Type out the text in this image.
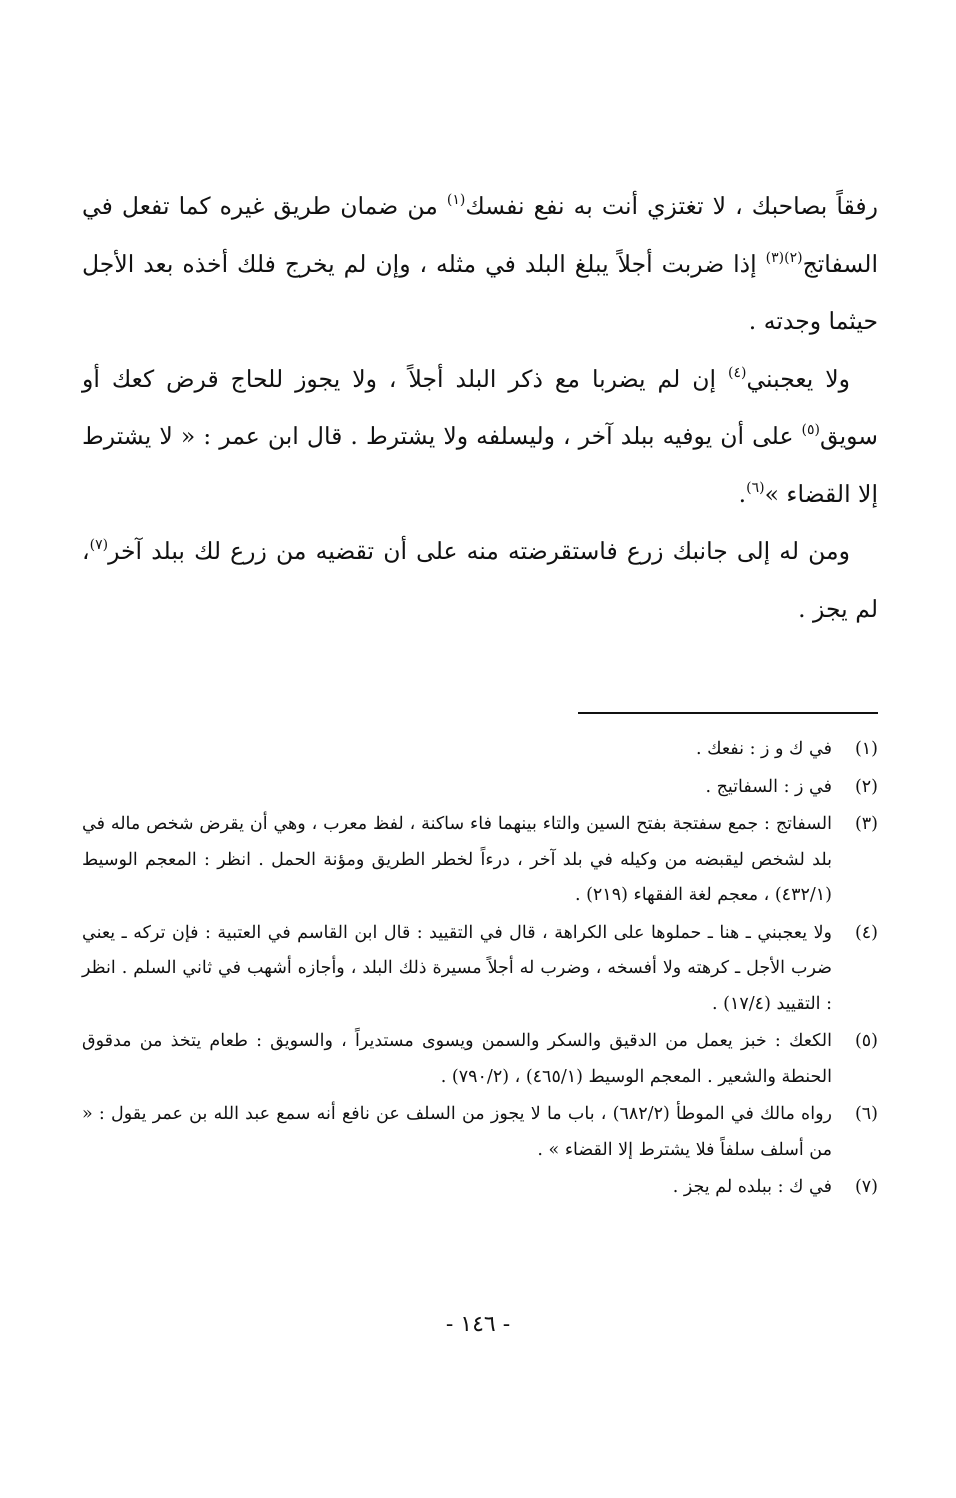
رفقاً بصاحبك ، لا تغتزي أنت به نفع نفسك$^{(١)}$ من ضمان طريق غيره كما تفعل في السفاتج$^{(٢)(٣)}$ إذا ضربت أجلاً يبلغ البلد في مثله ، وإن لم يخرج فلك أخذه بعد الأجل حيثما وجدته .

ولا يعجبني$^{(٤)}$ إن لم يضربا مع ذكر البلد أجلاً ، ولا يجوز للحاج قرض كعك أو سويق$^{(٥)}$ على أن يوفيه ببلد آخر ، وليسلفه ولا يشترط . قال ابن عمر : « لا يشترط إلا القضاء »$^{(٦)}$.

ومن له إلى جانبك زرع فاستقرضته منه على أن تقضيه من زرع لك ببلد آخر$^{(٧)}$، لم يجز .

(١)
في ك و ز : نفعك .
(٢)
في ز : السفاتيج .
(٣)
السفاتج : جمع سفتجة بفتح السين والتاء بينهما فاء ساكنة ، لفظ معرب ، وهي أن يقرض شخص ماله في بلد لشخص ليقبضه من وكيله في بلد آخر ، درءاً لخطر الطريق ومؤنة الحمل . انظر : المعجم الوسيط (٤٣٢/١) ، معجم لغة الفقهاء (٢١٩) .
(٤)
ولا يعجبني ـ هنا ـ حملوها على الكراهة ، قال في التقييد : قال ابن القاسم في العتبية : فإن تركه ـ يعني ضرب الأجل ـ كرهته ولا أفسخه ، وضرب له أجلاً مسيرة ذلك البلد ، وأجازه أشهب في ثاني السلم . انظر : التقييد (١٧/٤) .
(٥)
الكعك : خبز يعمل من الدقيق والسكر والسمن ويسوى مستديراً ، والسويق : طعام يتخذ من مدقوق الحنطة والشعير . المعجم الوسيط (٤٦٥/١) ، (٧٩٠/٢) .
(٦)
رواه مالك في الموطأ (٦٨٢/٢) ، باب ما لا يجوز من السلف عن نافع أنه سمع عبد الله بن عمر يقول : « من أسلف سلفاً فلا يشترط إلا القضاء » .
(٧)
في ك : ببلده لم يجز .
- ١٤٦ -
